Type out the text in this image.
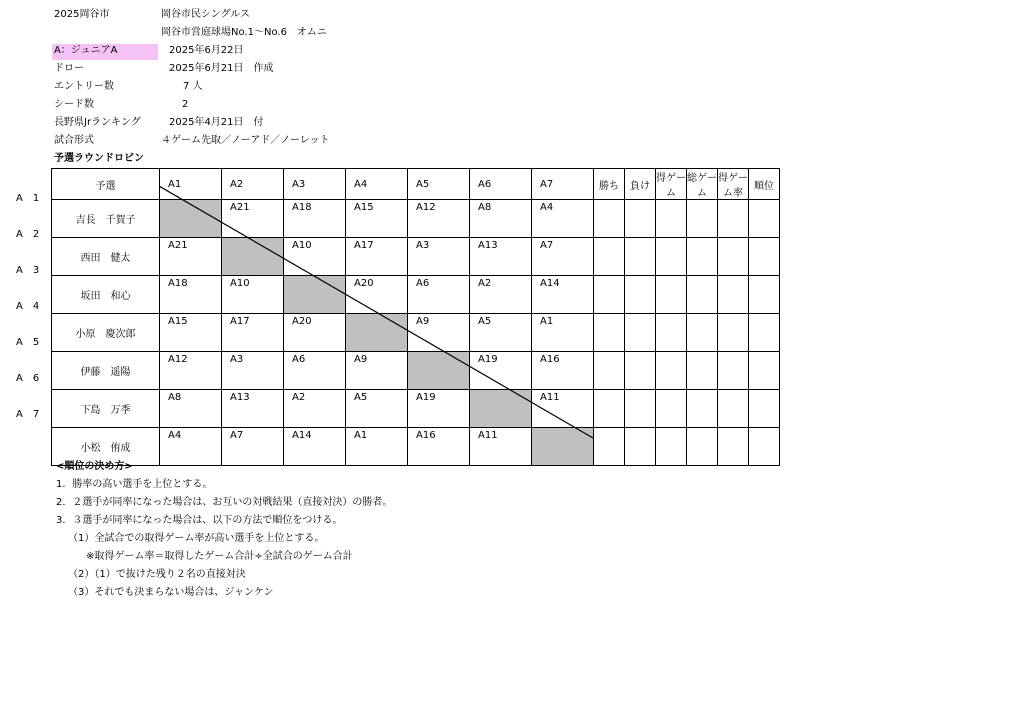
2025岡谷市	岡谷市民シングルス
岡谷市営庭球場No.1～No.6　オムニ
A：ジュニアA	2025年6月22日
ドロー	2025年6月21日　作成
エントリー数	7 人
シード数	2
長野県Jrランキング	2025年4月21日　付
試合形式	４ゲーム先取／ノーアド／ノーレット
予選ラウンドロビン
A　1
A　2
A　3
A　4
A　5
A　6
A　7
予選	A1	A2	A3	A4	A5	A6	A7	勝ち	負け	得ゲーム	総ゲーム	得ゲーム率	順位
吉長　千賀子		A21	A18	A15	A12	A8	A4						
西田　健太	A21		A10	A17	A3	A13	A7						
坂田　和心	A18	A10		A20	A6	A2	A14						
小原　慶次郎	A15	A17	A20		A9	A5	A1						
伊藤　遥陽	A12	A3	A6	A9		A19	A16						
下島　万季	A8	A13	A2	A5	A19		A11						
小松　侑成	A4	A7	A14	A1	A16	A11							
<順位の決め方>
1．勝率の高い選手を上位とする。
2．２選手が同率になった場合は、お互いの対戦結果（直接対決）の勝者。
3．３選手が同率になった場合は、以下の方法で順位をつける。
（1）全試合での取得ゲーム率が高い選手を上位とする。
※取得ゲーム率＝取得したゲーム合計÷全試合のゲーム合計
（2）（1）で抜けた残り２名の直接対決
（3）それでも決まらない場合は、ジャンケン
